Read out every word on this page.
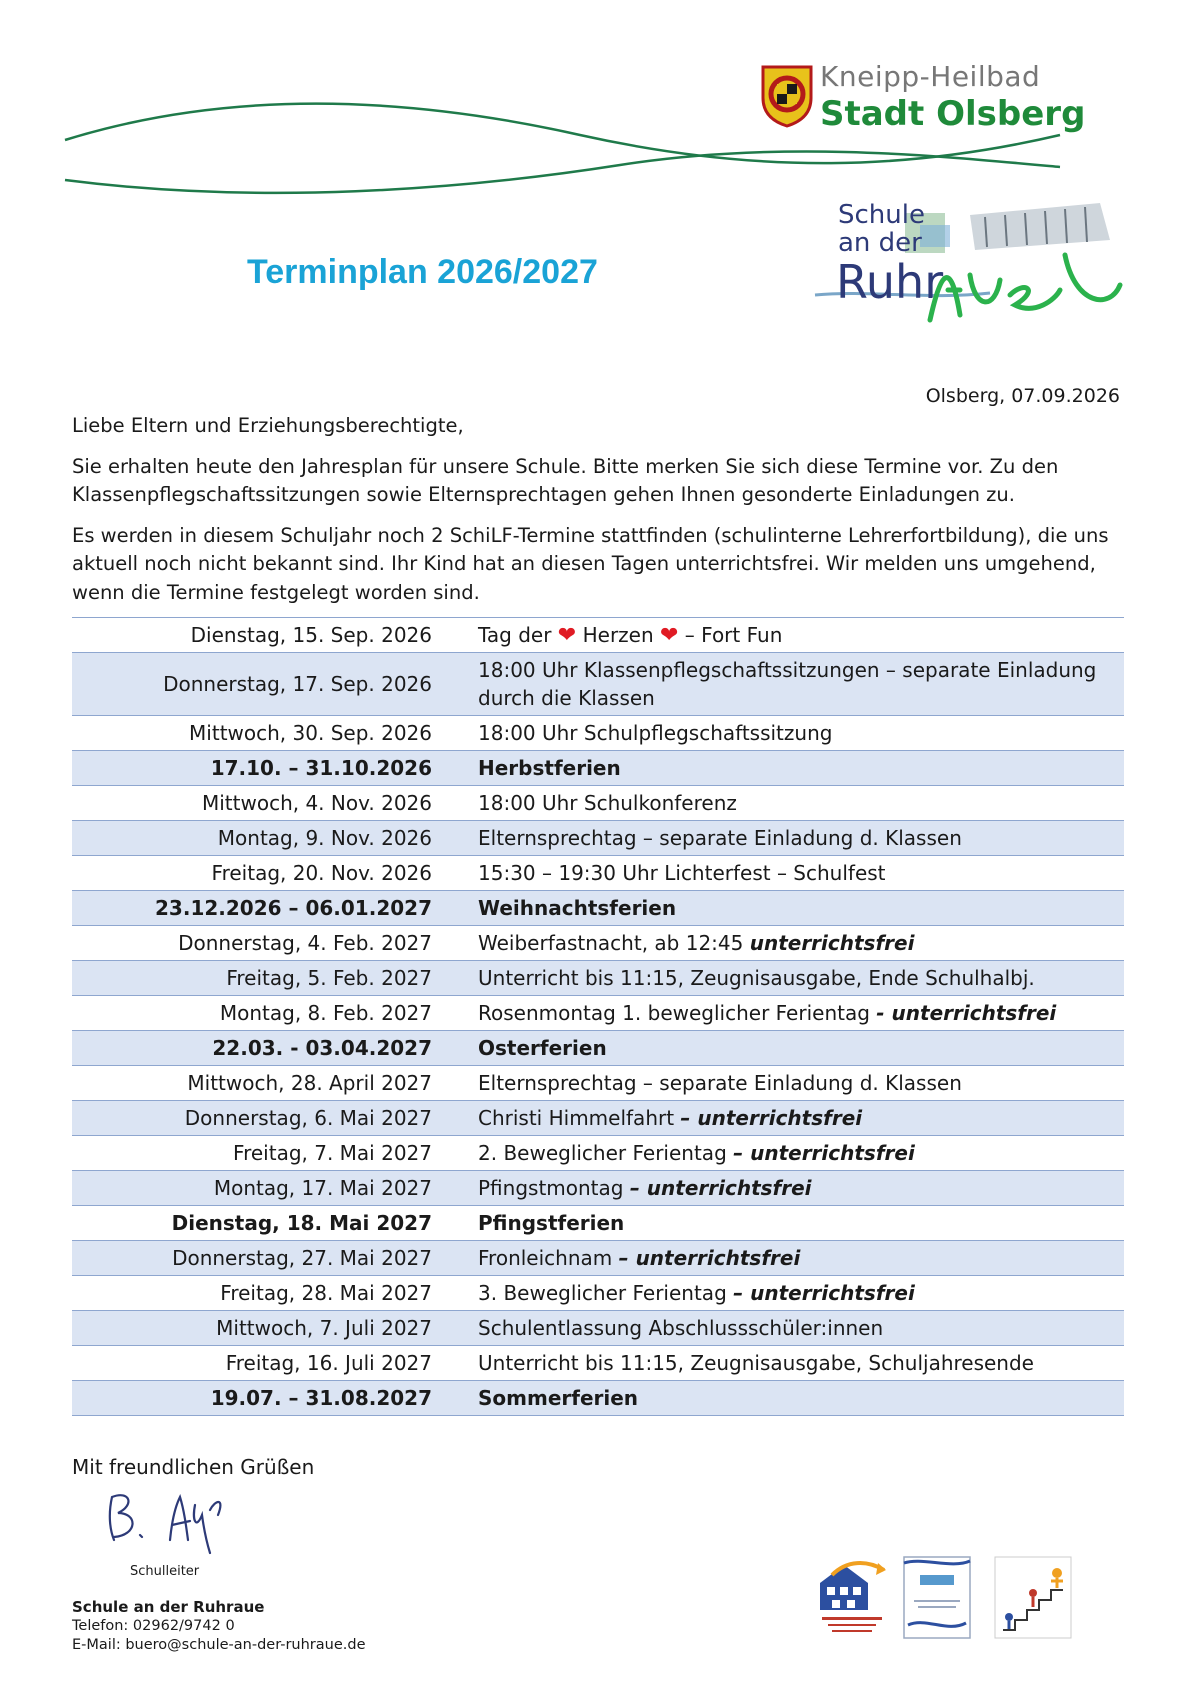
Kneipp-Heilbad
Stadt Olsberg
Schule
an der
Ruhr
Terminplan 2026/2027
Olsberg, 07.09.2026

Liebe Eltern und Erziehungsberechtigte,

Sie erhalten heute den Jahresplan für unsere Schule. Bitte merken Sie sich diese Termine vor. Zu den Klassenpflegschaftssitzungen sowie Elternsprechtagen gehen Ihnen gesonderte Einladungen zu.

Es werden in diesem Schuljahr noch 2 SchiLF-Termine stattfinden (schulinterne Lehrerfortbildung), die uns aktuell noch nicht bekannt sind. Ihr Kind hat an diesen Tagen unterrichtsfrei. Wir melden uns umgehend, wenn die Termine festgelegt worden sind.

Dienstag, 15. Sep. 2026	Tag der ❤ Herzen ❤ – Fort Fun
Donnerstag, 17. Sep. 2026	18:00 Uhr Klassenpflegschaftssitzungen – separate Einladung durch die Klassen
Mittwoch, 30. Sep. 2026	18:00 Uhr Schulpflegschaftssitzung
17.10. – 31.10.2026	Herbstferien
Mittwoch, 4. Nov. 2026	18:00 Uhr Schulkonferenz
Montag, 9. Nov. 2026	Elternsprechtag – separate Einladung d. Klassen
Freitag, 20. Nov. 2026	15:30 – 19:30 Uhr Lichterfest – Schulfest
23.12.2026 – 06.01.2027	Weihnachtsferien
Donnerstag, 4. Feb. 2027	Weiberfastnacht, ab 12:45 unterrichtsfrei
Freitag, 5. Feb. 2027	Unterricht bis 11:15, Zeugnisausgabe, Ende Schulhalbj.
Montag, 8. Feb. 2027	Rosenmontag 1. beweglicher Ferientag - unterrichtsfrei
22.03. - 03.04.2027	Osterferien
Mittwoch, 28. April 2027	Elternsprechtag – separate Einladung d. Klassen
Donnerstag, 6. Mai 2027	Christi Himmelfahrt – unterrichtsfrei
Freitag, 7. Mai 2027	2. Beweglicher Ferientag – unterrichtsfrei
Montag, 17. Mai 2027	Pfingstmontag – unterrichtsfrei
Dienstag, 18. Mai 2027	Pfingstferien
Donnerstag, 27. Mai 2027	Fronleichnam – unterrichtsfrei
Freitag, 28. Mai 2027	3. Beweglicher Ferientag – unterrichtsfrei
Mittwoch, 7. Juli 2027	Schulentlassung Abschlussschüler:innen
Freitag, 16. Juli 2027	Unterricht bis 11:15, Zeugnisausgabe, Schuljahresende
19.07. – 31.08.2027	Sommerferien
Mit freundlichen Grüßen
Schulleiter
Schule an der Ruhraue
Telefon: 02962/9742 0
E-Mail: buero@schule-an-der-ruhraue.de
